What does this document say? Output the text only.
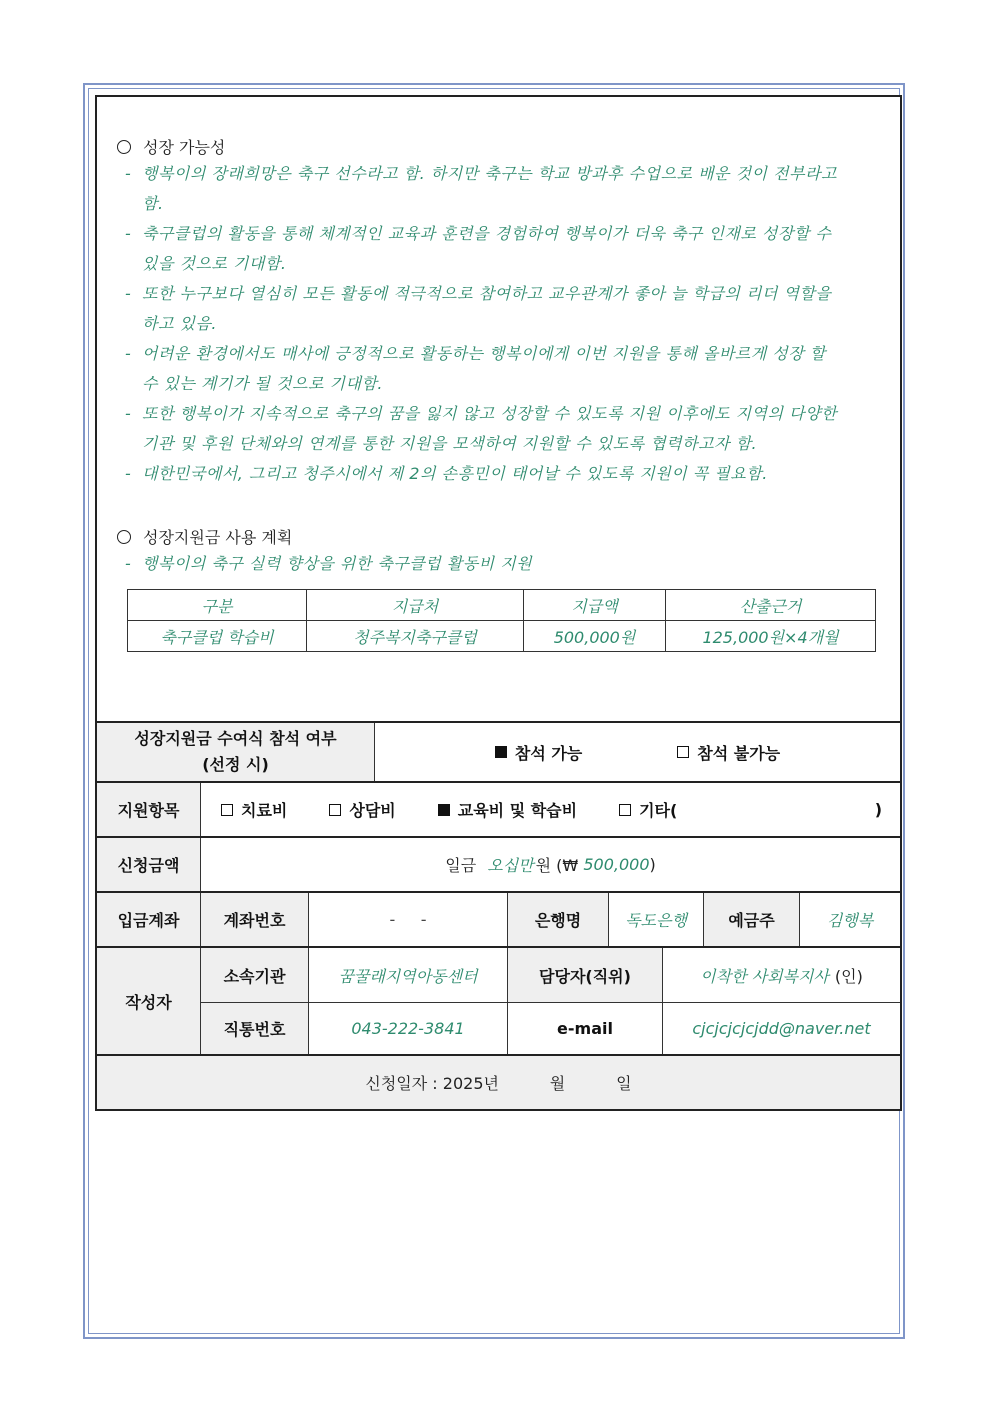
성장 가능성
- 행복이의 장래희망은 축구 선수라고 함. 하지만 축구는 학교 방과후 수업으로 배운 것이 전부라고
함.
- 축구클럽의 활동을 통해 체계적인 교육과 훈련을 경험하여 행복이가 더욱 축구 인재로 성장할 수
있을 것으로 기대함.
- 또한 누구보다 열심히 모든 활동에 적극적으로 참여하고 교우관계가 좋아 늘 학급의 리더 역할을
하고 있음.
- 어려운 환경에서도 매사에 긍정적으로 활동하는 행복이에게 이번 지원을 통해 올바르게 성장 할
수 있는 계기가 될 것으로 기대함.
- 또한 행복이가 지속적으로 축구의 꿈을 잃지 않고 성장할 수 있도록 지원 이후에도 지역의 다양한
기관 및 후원 단체와의 연계를 통한 지원을 모색하여 지원할 수 있도록 협력하고자 함.
- 대한민국에서, 그리고 청주시에서 제 2의 손흥민이 태어날 수 있도록 지원이 꼭 필요함.
성장지원금 사용 계획
- 행복이의 축구 실력 향상을 위한 축구클럽 활동비 지원
구분	지급처	지급액	산출근거
축구클럽 학습비	청주복지축구클럽	500,000원	125,000원×4개월
성장지원금 수여식 참석 여부
(선정 시)
참석 가능	참석 불가능
지원항목	치료비	상담비	교육비 및 학습비	기타(	)
신청금액	일금
오십만 원 (₩
500,000 )
입금계좌	계좌번호	-     -	은행명	독도은행	예금주	김행복
작성자
소속기관	꿈꿀래지역아동센터	담당자(직위)	이착한 사회복지사 (인)
직통번호	043-222-3841	e-mail	cjcjcjcjcjdd@naver.net
신청일자 : 2025년          월          일
